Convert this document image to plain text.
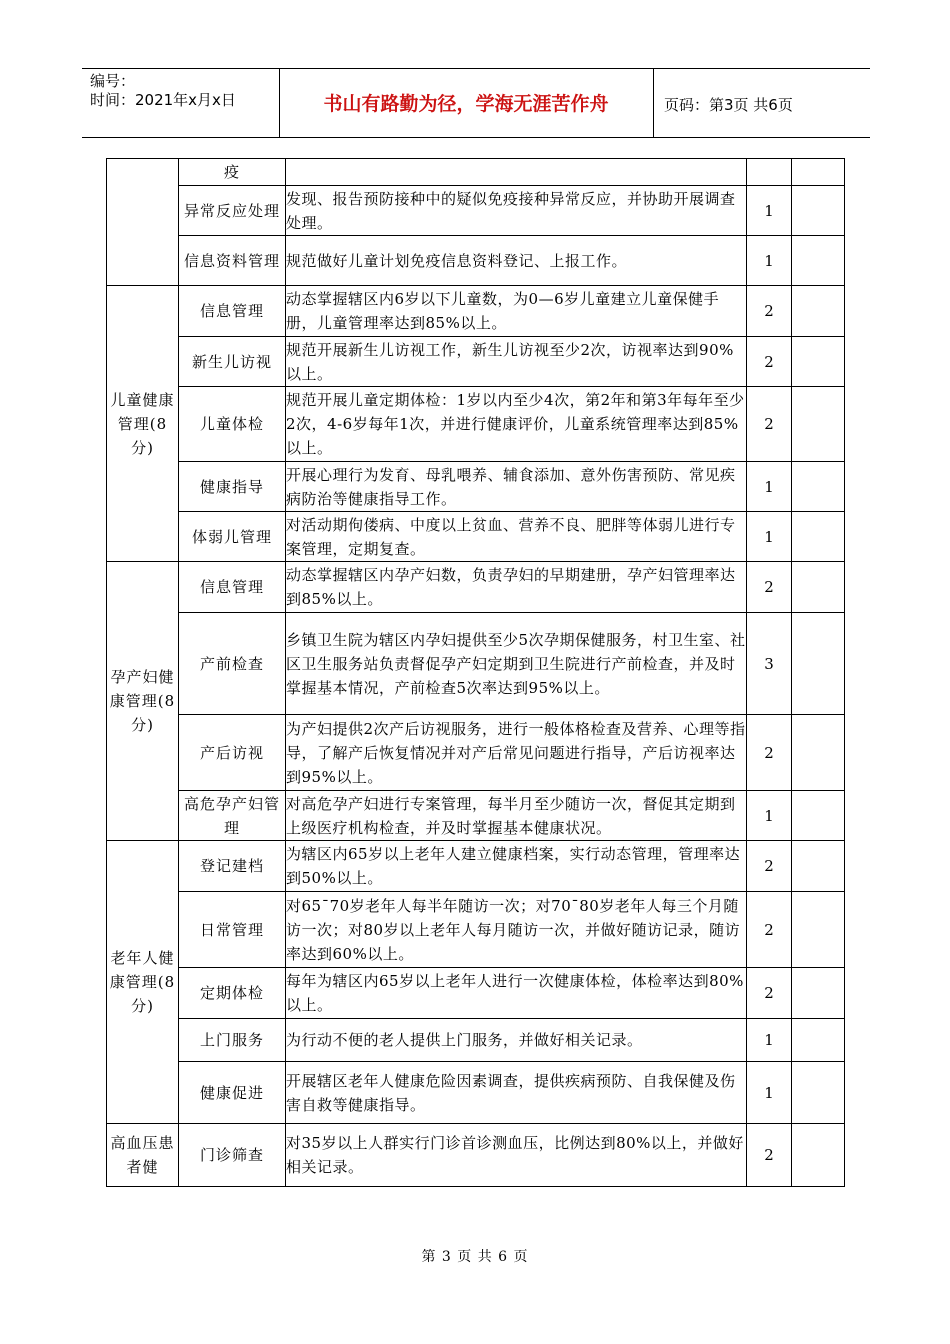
编号：
时间：2021年x月x日	书山有路勤为径，学海无涯苦作舟	页码：第3页 共6页
	疫			
	异常反应处理	发现、报告预防接种中的疑似免疫接种异常反应，并协助开展调查处理。	1	
	信息资料管理	规范做好儿童计划免疫信息资料登记、上报工作。	1	
儿童健康管理(8分)	信息管理	动态掌握辖区内6岁以下儿童数，为0—6岁儿童建立儿童保健手册，儿童管理率达到85%以上。	2	
	新生儿访视	规范开展新生儿访视工作，新生儿访视至少2次，访视率达到90%以上。	2	
	儿童体检	规范开展儿童定期体检：1岁以内至少4次，第2年和第3年每年至少2次，4-6岁每年1次，并进行健康评价，儿童系统管理率达到85%以上。	2	
	健康指导	开展心理行为发育、母乳喂养、辅食添加、意外伤害预防、常见疾病防治等健康指导工作。	1	
	体弱儿管理	对活动期佝偻病、中度以上贫血、营养不良、肥胖等体弱儿进行专案管理，定期复查。	1	
孕产妇健康管理(8分)	信息管理	动态掌握辖区内孕产妇数，负责孕妇的早期建册，孕产妇管理率达到85%以上。	2	
	产前检查	乡镇卫生院为辖区内孕妇提供至少5次孕期保健服务，村卫生室、社区卫生服务站负责督促孕产妇定期到卫生院进行产前检查，并及时掌握基本情况，产前检查5次率达到95%以上。	3	
	产后访视	为产妇提供2次产后访视服务，进行一般体格检查及营养、心理等指导，了解产后恢复情况并对产后常见问题进行指导，产后访视率达到95%以上。	2	
	高危孕产妇管理	对高危孕产妇进行专案管理，每半月至少随访一次，督促其定期到上级医疗机构检查，并及时掌握基本健康状况。	1	
老年人健康管理(8分)	登记建档	为辖区内65岁以上老年人建立健康档案，实行动态管理，管理率达到50%以上。	2	
	日常管理	对65¯70岁老年人每半年随访一次；对70¯80岁老年人每三个月随访一次；对80岁以上老年人每月随访一次，并做好随访记录，随访率达到60%以上。	2	
	定期体检	每年为辖区内65岁以上老年人进行一次健康体检，体检率达到80%以上。	2	
	上门服务	为行动不便的老人提供上门服务，并做好相关记录。	1	
	健康促进	开展辖区老年人健康危险因素调查，提供疾病预防、自我保健及伤害自救等健康指导。	1	
高血压患者健	门诊筛查	对35岁以上人群实行门诊首诊测血压，比例达到80%以上，并做好相关记录。	2	
第 3 页 共 6 页
